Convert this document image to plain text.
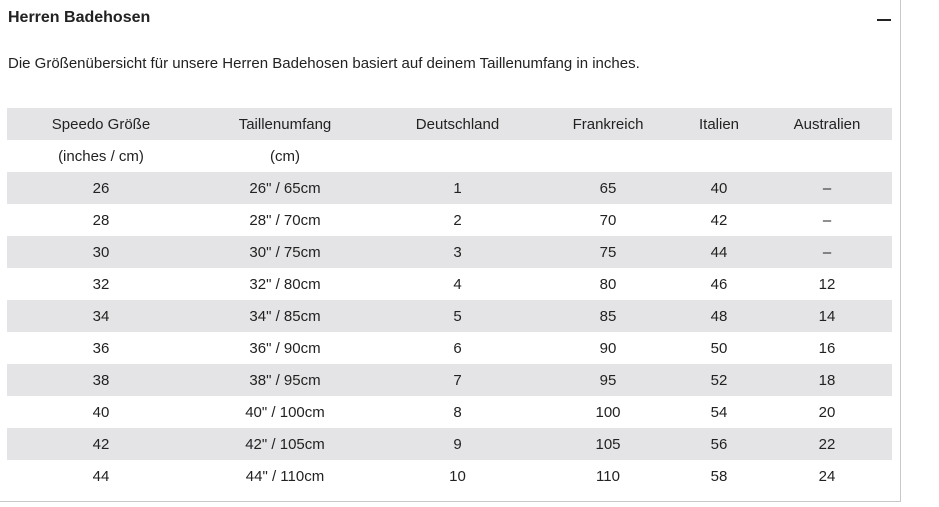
Herren Badehosen
Die Größenübersicht für unsere Herren Badehosen basiert auf deinem Taillenumfang in inches.
Speedo Größe	Taillenumfang	Deutschland	Frankreich	Italien	Australien
(inches / cm)	(cm)				
26	26" / 65cm	1	65	40	–
28	28" / 70cm	2	70	42	–
30	30" / 75cm	3	75	44	–
32	32" / 80cm	4	80	46	12
34	34" / 85cm	5	85	48	14
36	36" / 90cm	6	90	50	16
38	38" / 95cm	7	95	52	18
40	40" / 100cm	8	100	54	20
42	42" / 105cm	9	105	56	22
44	44" / 110cm	10	110	58	24
